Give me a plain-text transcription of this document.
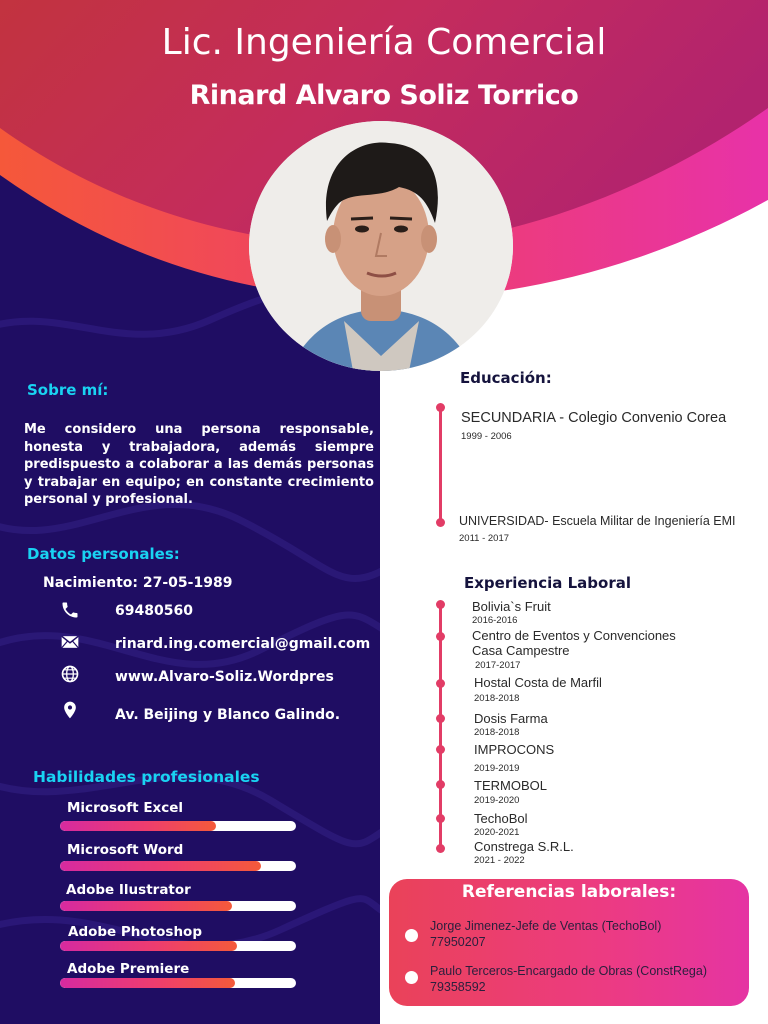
Lic. Ingeniería Comercial
Rinard Alvaro Soliz Torrico
Sobre mí:
Me considero una persona responsable, honesta y trabajadora, además siempre predispuesto a colaborar a las demás personas y trabajar en equipo; en constante crecimiento personal y profesional.
Datos personales:
Nacimiento: 27-05-1989
69480560
rinard.ing.comercial@gmail.com
www.Alvaro-Soliz.Wordpres
Av. Beijing y Blanco Galindo.
Habilidades profesionales
Microsoft Excel
Microsoft Word
Adobe Ilustrator
Adobe Photoshop
Adobe Premiere
Educación:
SECUNDARIA - Colegio Convenio Corea
1999 - 2006
UNIVERSIDAD- Escuela Militar de Ingeniería EMI
2011 - 2017
Experiencia Laboral
Bolivia`s Fruit
2016-2016
Centro de Eventos y Convenciones
Casa Campestre
2017-2017
Hostal Costa de Marfil
2018-2018
Dosis Farma
2018-2018
IMPROCONS
2019-2019
TERMOBOL
2019-2020
TechoBol
2020-2021
Constrega S.R.L.
2021 - 2022
Referencias laborales:
Jorge Jimenez-Jefe de Ventas (TechoBol)
77950207
Paulo Terceros-Encargado de Obras (ConstRega)
79358592
